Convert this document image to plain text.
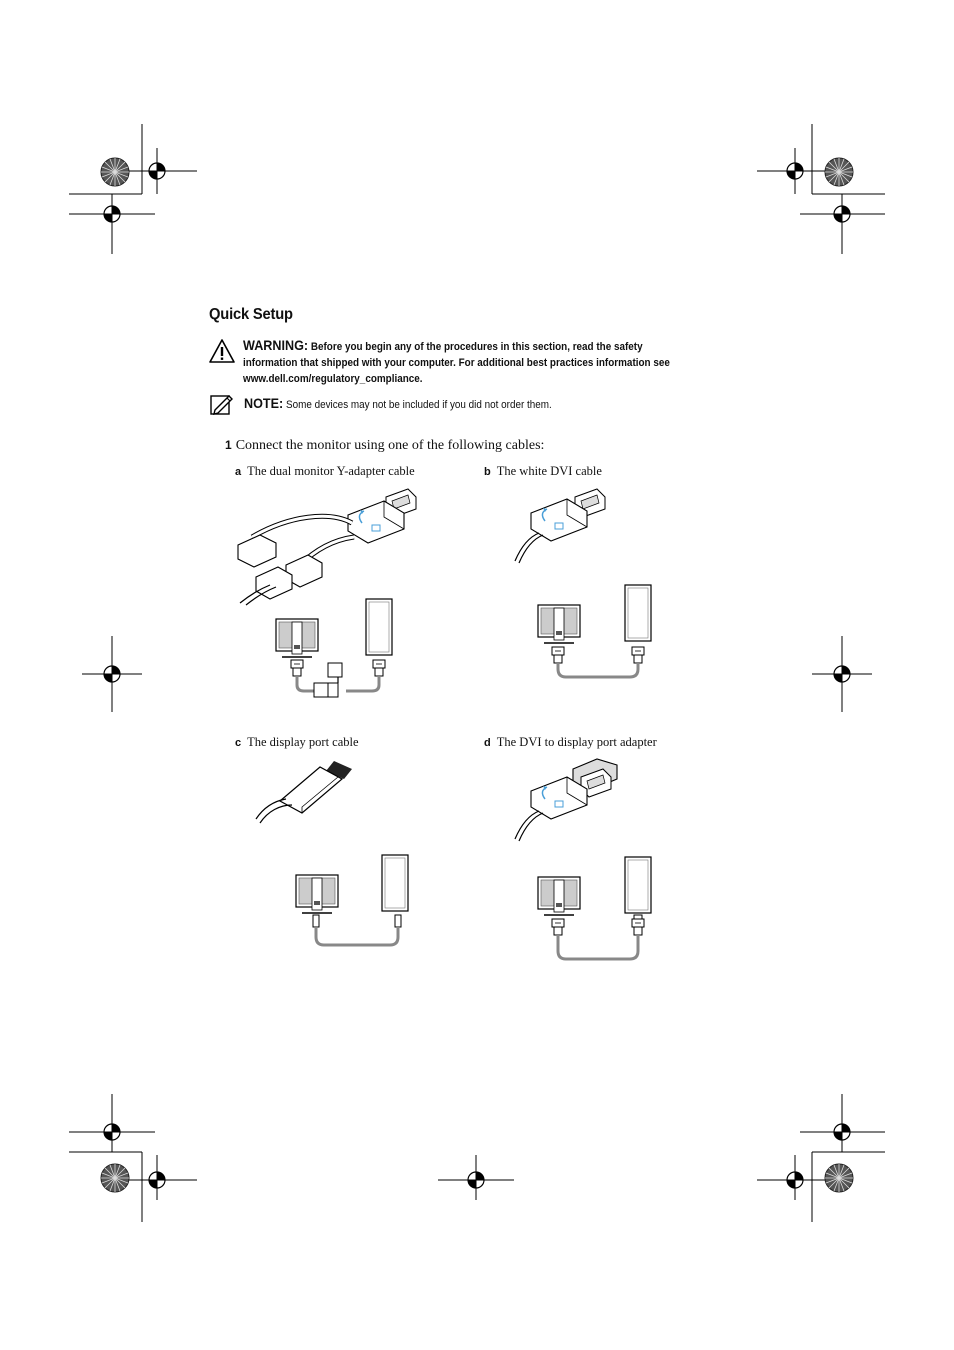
Quick Setup
WARNING: Before you begin any of the procedures in this section, read the safety information that shipped with your computer. For additional best practices information see www.dell.com/regulatory_compliance.
NOTE: Some devices may not be included if you did not order them.
1 Connect the monitor using one of the following cables:
a The dual monitor Y-adapter cable	b The white DVI cable
c The display port cable	d The DVI to display port adapter
